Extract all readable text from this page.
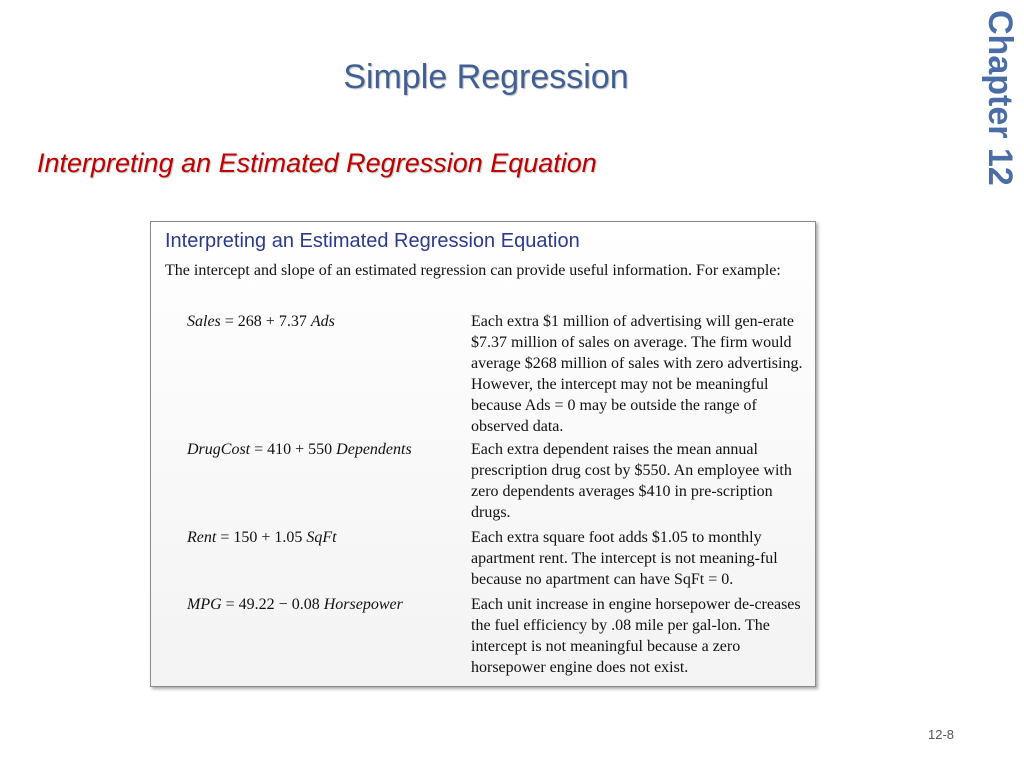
Simple Regression
Interpreting an Estimated Regression Equation	Chapter 12
Interpreting an Estimated Regression Equation
The intercept and slope of an estimated regression can provide useful information. For example:
Sales = 268 + 7.37 Ads	Each extra $1 million of advertising will gen-erate $7.37 million of sales on average. The firm would average $268 million of sales with zero advertising. However, the intercept may not be meaningful because Ads = 0 may be outside the range of observed data.
DrugCost = 410 + 550 Dependents	Each extra dependent raises the mean annual prescription drug cost by $550. An employee with zero dependents averages $410 in pre-scription drugs.
Rent = 150 + 1.05 SqFt	Each extra square foot adds $1.05 to monthly apartment rent. The intercept is not meaning-ful because no apartment can have SqFt = 0.
MPG = 49.22 − 0.08 Horsepower	Each unit increase in engine horsepower de-creases the fuel efficiency by .08 mile per gal-lon. The intercept is not meaningful because a zero horsepower engine does not exist.
12-8
